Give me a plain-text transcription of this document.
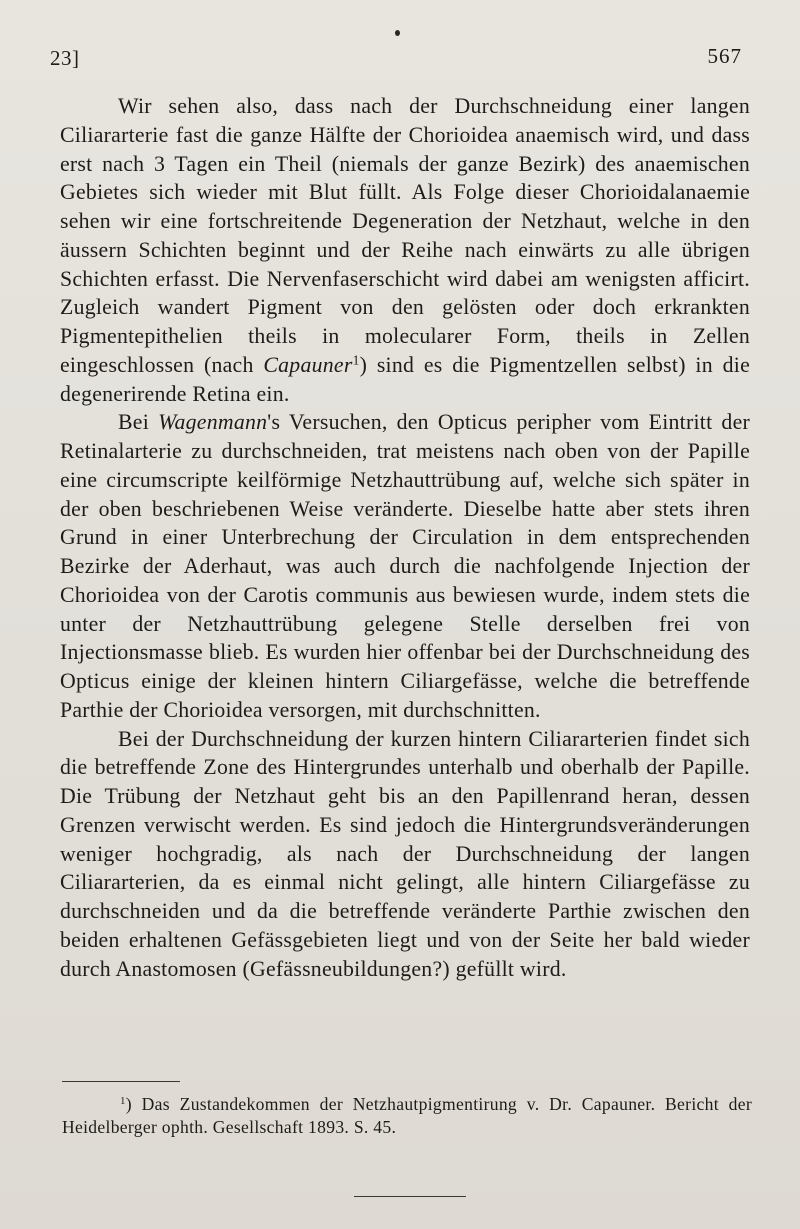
23]	567

Wir sehen also, dass nach der Durchschneidung einer langen Ciliararterie fast die ganze Hälfte der Chorioidea anaemisch wird, und dass erst nach 3 Tagen ein Theil (niemals der ganze Bezirk) des anaemischen Gebietes sich wieder mit Blut füllt. Als Folge dieser Chorioidalanaemie sehen wir eine fortschreitende Degeneration der Netzhaut, welche in den äussern Schichten beginnt und der Reihe nach einwärts zu alle übrigen Schichten erfasst. Die Nervenfaserschicht wird dabei am wenigsten afficirt. Zugleich wandert Pigment von den gelösten oder doch erkrankten Pigmentepithelien theils in molecularer Form, theils in Zellen eingeschlossen (nach Capauner$^1$) sind es die Pigmentzellen selbst) in die degenerirende Retina ein.

Bei Wagenmann's Versuchen, den Opticus peripher vom Eintritt der Retinalarterie zu durchschneiden, trat meistens nach oben von der Papille eine circumscripte keilförmige Netzhauttrübung auf, welche sich später in der oben beschriebenen Weise veränderte. Dieselbe hatte aber stets ihren Grund in einer Unterbrechung der Circulation in dem entsprechenden Bezirke der Aderhaut, was auch durch die nachfolgende Injection der Chorioidea von der Carotis communis aus bewiesen wurde, indem stets die unter der Netzhauttrübung gelegene Stelle derselben frei von Injectionsmasse blieb. Es wurden hier offenbar bei der Durchschneidung des Opticus einige der kleinen hintern Ciliargefässe, welche die betreffende Parthie der Chorioidea versorgen, mit durchschnitten.

Bei der Durchschneidung der kurzen hintern Ciliararterien findet sich die betreffende Zone des Hintergrundes unterhalb und oberhalb der Papille. Die Trübung der Netzhaut geht bis an den Papillenrand heran, dessen Grenzen verwischt werden. Es sind jedoch die Hintergrundsveränderungen weniger hochgradig, als nach der Durchschneidung der langen Ciliararterien, da es einmal nicht gelingt, alle hintern Ciliargefässe zu durchschneiden und da die betreffende veränderte Parthie zwischen den beiden erhaltenen Gefässgebieten liegt und von der Seite her bald wieder durch Anastomosen (Gefässneubildungen?) gefüllt wird.

$^1$) Das Zustandekommen der Netzhautpigmentirung v. Dr. Capauner. Bericht der Heidelberger ophth. Gesellschaft 1893. S. 45.
